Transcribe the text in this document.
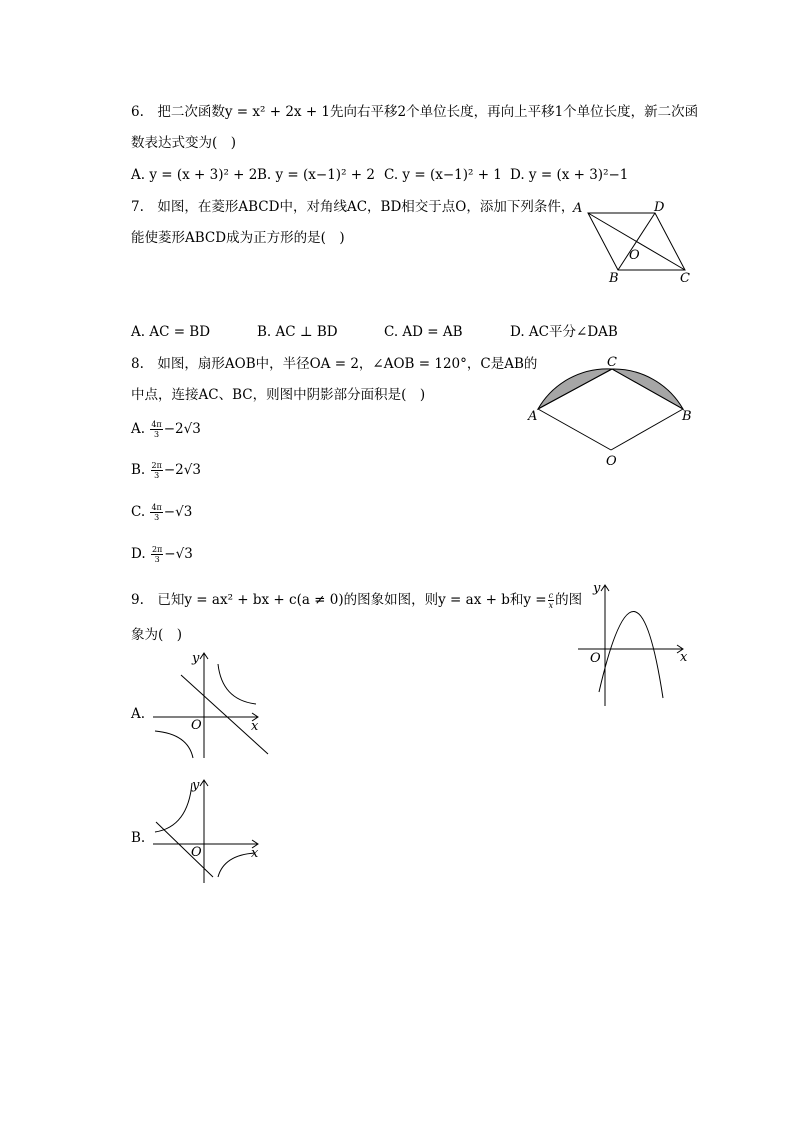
6.　把二次函数y = x² + 2x + 1先向右平移2个单位长度，再向上平移1个单位长度，新二次函
数表达式变为(　)
A. y = (x + 3)² + 2 B. y = (x−1)² + 2 C. y = (x−1)² + 1 D. y = (x + 3)²−1
7.　如图，在菱形ABCD中，对角线AC，BD相交于点O，添加下列条件，
能使菱形ABCD成为正方形的是(　)
A. AC = BD	B. AC ⊥ BD	C. AD = AB	D. AC平分∠DAB
A	D
O
B	C
8.　如图，扇形AOB中，半径OA = 2，∠AOB = 120°，C是AB的
中点，连接AC、BC，则图中阴影部分面积是(　)
A. $\frac{4\pi}{3} -2√3$
B. $\frac{2\pi}{3} -2√3$
C. $\frac{4\pi}{3} -√3$
D. $\frac{2\pi}{3} -√3$
C
A	B
O
9.　已知y = ax² + bx + c(a ≠ 0)的图象如图，则y = ax + b和$y = \frac{c}{x}$ 的图
象为(　)
y
O	x
A.
y
O	x
B.
y
O	x
